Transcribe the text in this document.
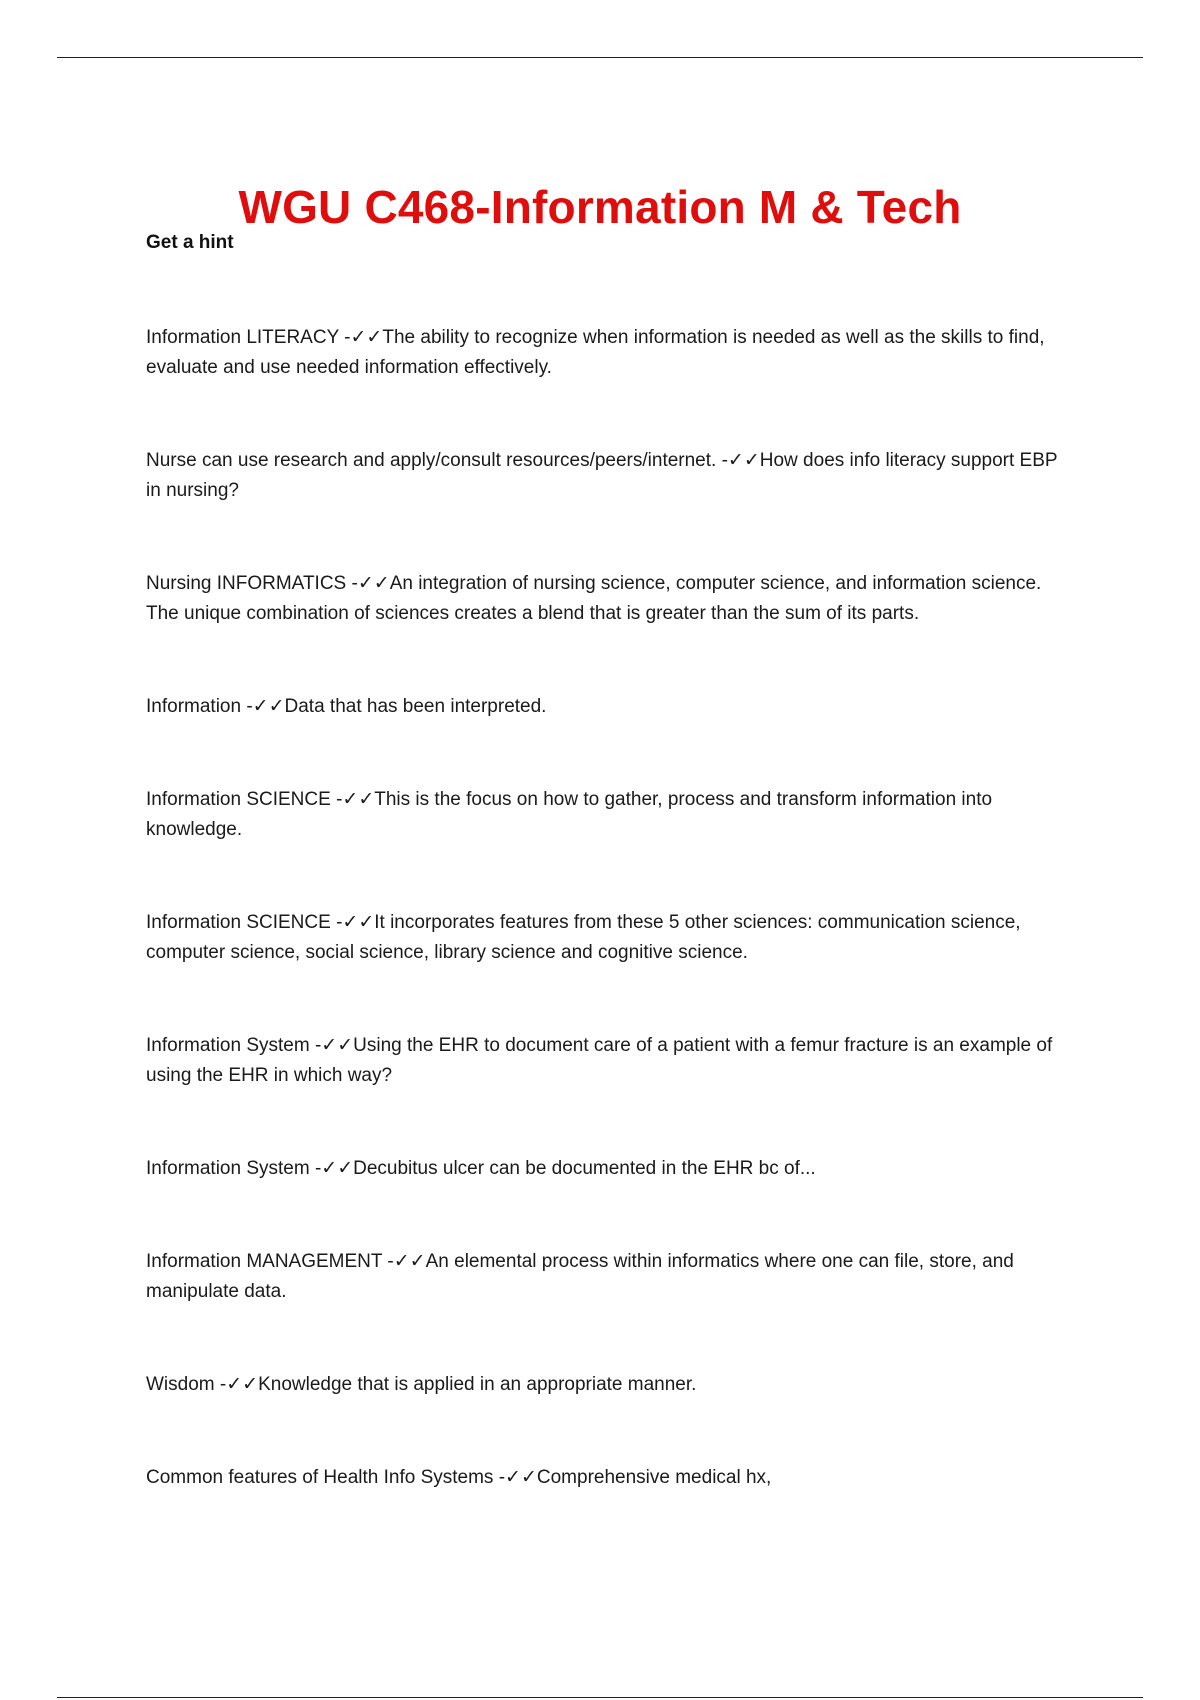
WGU C468-Information M & Tech
Get a hint

Information LITERACY -✓✓The ability to recognize when information is needed as well as the skills to find, evaluate and use needed information effectively.

Nurse can use research and apply/consult resources/peers/internet. -✓✓How does info literacy support EBP in nursing?

Nursing INFORMATICS -✓✓An integration of nursing science, computer science, and information science. The unique combination of sciences creates a blend that is greater than the sum of its parts.

Information -✓✓Data that has been interpreted.

Information SCIENCE -✓✓This is the focus on how to gather, process and transform information into knowledge.

Information SCIENCE -✓✓It incorporates features from these 5 other sciences: communication science, computer science, social science, library science and cognitive science.

Information System -✓✓Using the EHR to document care of a patient with a femur fracture is an example of using the EHR in which way?

Information System -✓✓Decubitus ulcer can be documented in the EHR bc of...

Information MANAGEMENT -✓✓An elemental process within informatics where one can file, store, and manipulate data.

Wisdom -✓✓Knowledge that is applied in an appropriate manner.

Common features of Health Info Systems -✓✓Comprehensive medical hx,
